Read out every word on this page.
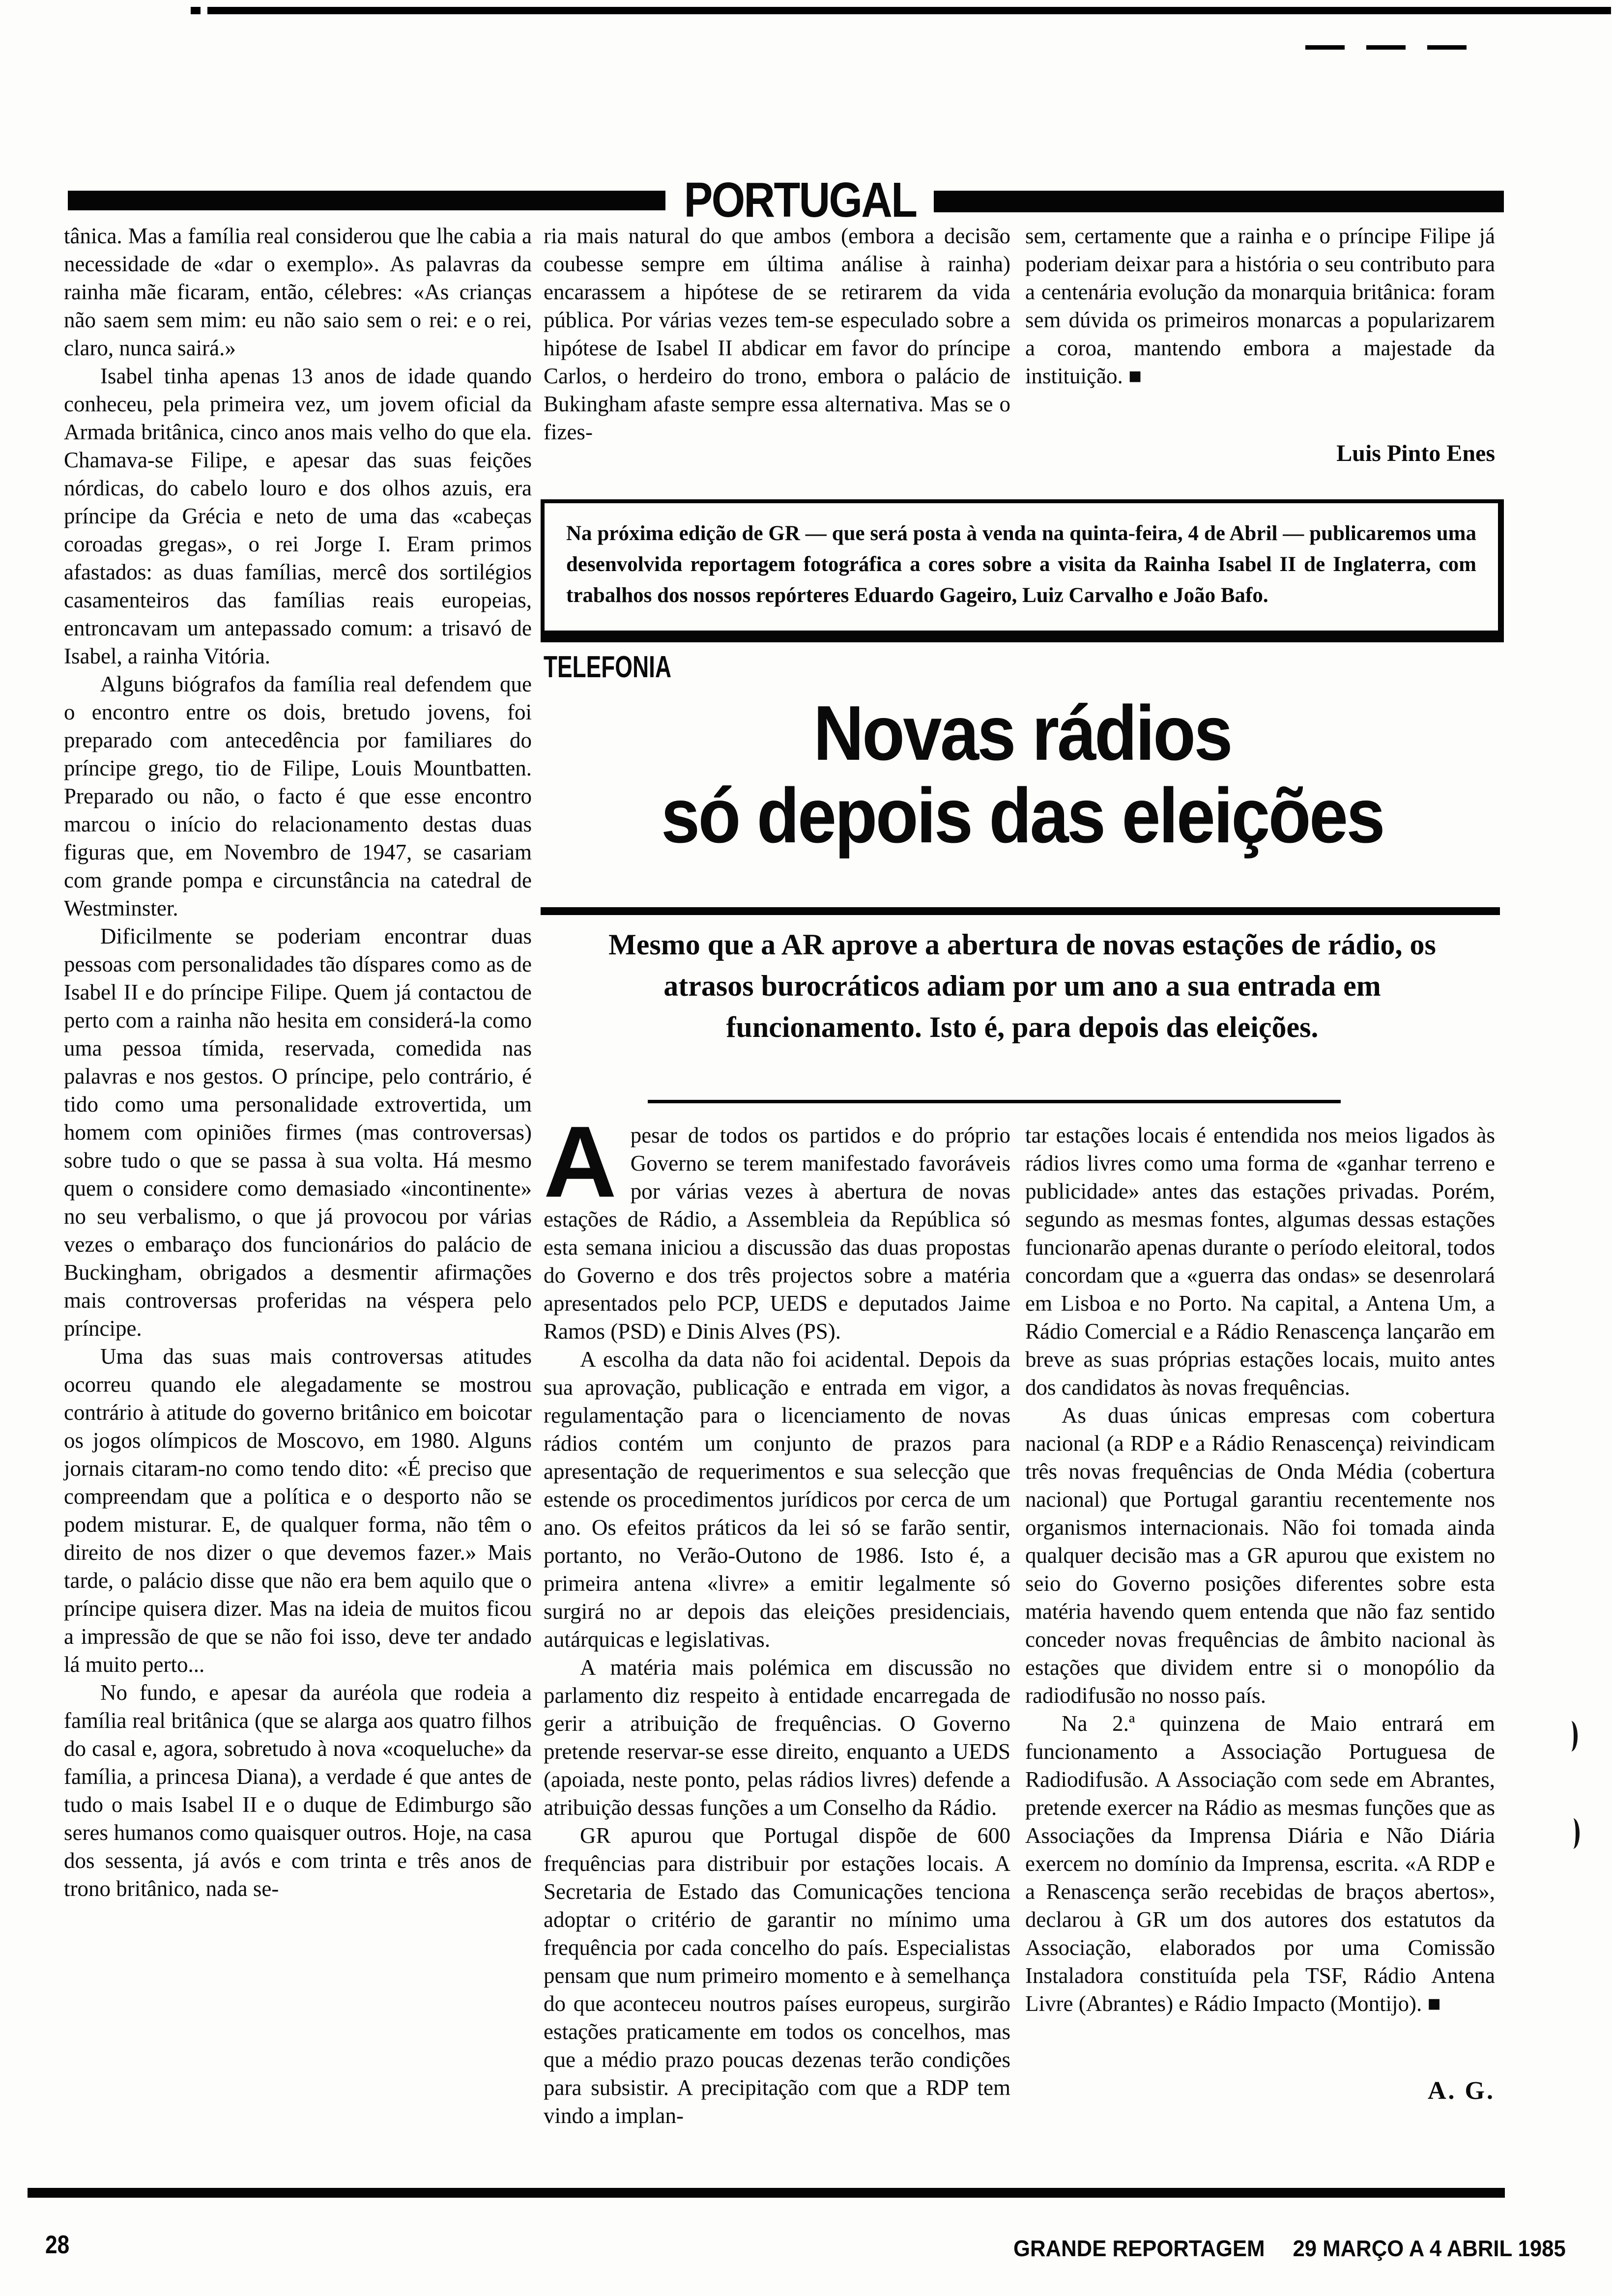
PORTUGAL

tânica. Mas a família real considerou que lhe cabia a necessidade de «dar o exemplo». As palavras da rainha mãe ficaram, então, célebres: «As crianças não saem sem mim: eu não saio sem o rei: e o rei, claro, nunca sairá.»

Isabel tinha apenas 13 anos de idade quando conheceu, pela primeira vez, um jovem oficial da Armada britânica, cinco anos mais velho do que ela. Chamava-se Filipe, e apesar das suas feições nórdicas, do cabelo louro e dos olhos azuis, era príncipe da Grécia e neto de uma das «cabeças coroadas gregas», o rei Jorge I. Eram primos afastados: as duas famílias, mercê dos sortilégios casamenteiros das famílias reais europeias, entroncavam um antepassado comum: a trisavó de Isabel, a rainha Vitória.

Alguns biógrafos da família real defendem que o encontro entre os dois, bretudo jovens, foi preparado com antecedência por familiares do príncipe grego, tio de Filipe, Louis Mountbatten. Preparado ou não, o facto é que esse encontro marcou o início do relacionamento destas duas figuras que, em Novembro de 1947, se casariam com grande pompa e circunstância na catedral de Westminster.

Dificilmente se poderiam encontrar duas pessoas com personalidades tão díspares como as de Isabel II e do príncipe Filipe. Quem já contactou de perto com a rainha não hesita em considerá-la como uma pessoa tímida, reservada, comedida nas palavras e nos gestos. O príncipe, pelo contrário, é tido como uma personalidade extrovertida, um homem com opiniões firmes (mas controversas) sobre tudo o que se passa à sua volta. Há mesmo quem o considere como demasiado «incontinente» no seu verbalismo, o que já provocou por várias vezes o embaraço dos funcionários do palácio de Buckingham, obrigados a desmentir afirmações mais controversas proferidas na véspera pelo príncipe.

Uma das suas mais controversas atitudes ocorreu quando ele alegadamente se mostrou contrário à atitude do governo britânico em boicotar os jogos olímpicos de Moscovo, em 1980. Alguns jornais citaram-no como tendo dito: «É preciso que compreendam que a política e o desporto não se podem misturar. E, de qualquer forma, não têm o direito de nos dizer o que devemos fazer.» Mais tarde, o palácio disse que não era bem aquilo que o príncipe quisera dizer. Mas na ideia de muitos ficou a impressão de que se não foi isso, deve ter andado lá muito perto...

No fundo, e apesar da auréola que rodeia a família real britânica (que se alarga aos quatro filhos do casal e, agora, sobretudo à nova «coqueluche» da família, a princesa Diana), a verdade é que antes de tudo o mais Isabel II e o duque de Edimburgo são seres humanos como quaisquer outros. Hoje, na casa dos sessenta, já avós e com trinta e três anos de trono britânico, nada se-

ria mais natural do que ambos (embora a decisão coubesse sempre em última análise à rainha) encarassem a hipótese de se retirarem da vida pública. Por várias vezes tem-se especulado sobre a hipótese de Isabel II abdicar em favor do príncipe Carlos, o herdeiro do trono, embora o palácio de Bukingham afaste sempre essa alternativa. Mas se o fizes-

sem, certamente que a rainha e o príncipe Filipe já poderiam deixar para a história o seu contributo para a centenária evolução da monarquia britânica: foram sem dúvida os primeiros monarcas a popularizarem a coroa, mantendo embora a majestade da instituição. ■

Luis Pinto Enes
Na próxima edição de GR — que será posta à venda na quinta-feira, 4 de Abril — publicaremos uma desenvolvida reportagem fotográfica a cores sobre a visita da Rainha Isabel II de Inglaterra, com trabalhos dos nossos repórteres Eduardo Gageiro, Luiz Carvalho e João Bafo.
TELEFONIA
Novas rádios
só depois das eleições
Mesmo que a AR aprove a abertura de novas estações de rádio, os atrasos burocráticos adiam por um ano a sua entrada em funcionamento. Isto é, para depois das eleições.

A pesar de todos os partidos e do próprio Governo se terem manifestado favoráveis por várias vezes à abertura de novas estações de Rádio, a Assembleia da República só esta semana iniciou a discussão das duas propostas do Governo e dos três projectos sobre a matéria apresentados pelo PCP, UEDS e deputados Jaime Ramos (PSD) e Dinis Alves (PS).

A escolha da data não foi acidental. Depois da sua aprovação, publicação e entrada em vigor, a regulamentação para o licenciamento de novas rádios contém um conjunto de prazos para apresentação de requerimentos e sua selecção que estende os procedimentos jurídicos por cerca de um ano. Os efeitos práticos da lei só se farão sentir, portanto, no Verão-Outono de 1986. Isto é, a primeira antena «livre» a emitir legalmente só surgirá no ar depois das eleições presidenciais, autárquicas e legislativas.

A matéria mais polémica em discussão no parlamento diz respeito à entidade encarregada de gerir a atribuição de frequências. O Governo pretende reservar-se esse direito, enquanto a UEDS (apoiada, neste ponto, pelas rádios livres) defende a atribuição dessas funções a um Conselho da Rádio.

GR apurou que Portugal dispõe de 600 frequências para distribuir por estações locais. A Secretaria de Estado das Comunicações tenciona adoptar o critério de garantir no mínimo uma frequência por cada concelho do país. Especialistas pensam que num primeiro momento e à semelhança do que aconteceu noutros países europeus, surgirão estações praticamente em todos os concelhos, mas que a médio prazo poucas dezenas terão condições para subsistir. A precipitação com que a RDP tem vindo a implan-

tar estações locais é entendida nos meios ligados às rádios livres como uma forma de «ganhar terreno e publicidade» antes das estações privadas. Porém, segundo as mesmas fontes, algumas dessas estações funcionarão apenas durante o período eleitoral, todos concordam que a «guerra das ondas» se desenrolará em Lisboa e no Porto. Na capital, a Antena Um, a Rádio Comercial e a Rádio Renascença lançarão em breve as suas próprias estações locais, muito antes dos candidatos às novas frequências.

As duas únicas empresas com cobertura nacional (a RDP e a Rádio Renascença) reivindicam três novas frequências de Onda Média (cobertura nacional) que Portugal garantiu recentemente nos organismos internacionais. Não foi tomada ainda qualquer decisão mas a GR apurou que existem no seio do Governo posições diferentes sobre esta matéria havendo quem entenda que não faz sentido conceder novas frequências de âmbito nacional às estações que dividem entre si o monopólio da radiodifusão no nosso país.

Na 2.ª quinzena de Maio entrará em funcionamento a Associação Portuguesa de Radiodifusão. A Associação com sede em Abrantes, pretende exercer na Rádio as mesmas funções que as Associações da Imprensa Diária e Não Diária exercem no domínio da Imprensa, escrita. «A RDP e a Renascença serão recebidas de braços abertos», declarou à GR um dos autores dos estatutos da Associação, elaborados por uma Comissão Instaladora constituída pela TSF, Rádio Antena Livre (Abrantes) e Rádio Impacto (Montijo). ■

A. G.
28	GRANDE REPORTAGEM 29 MARÇO A 4 ABRIL 1985
